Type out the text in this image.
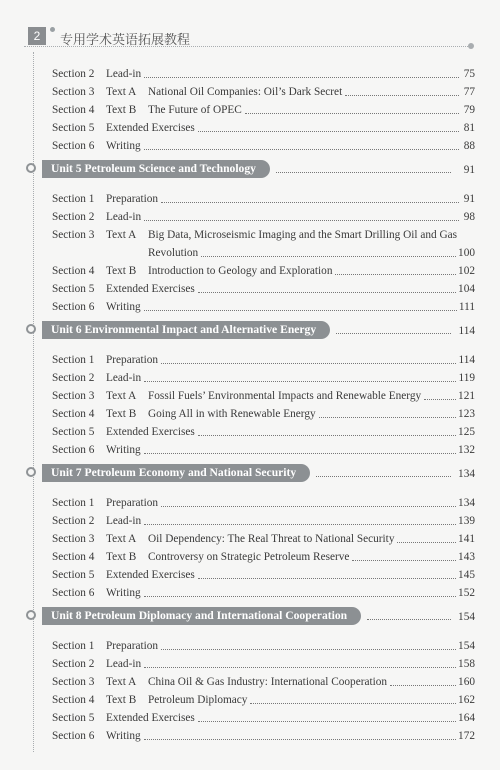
2	专用学术英语拓展教程
Section 2	Lead-in	75
Section 3	Text A	National Oil Companies: Oil’s Dark Secret	77
Section 4	Text B	The Future of OPEC	79
Section 5	Extended Exercises	81
Section 6	Writing	88
Unit 5 Petroleum Science and Technology	91
Section 1	Preparation	91
Section 2	Lead-in	98
Section 3	Text A	Big Data, Microseismic Imaging and the Smart Drilling Oil and Gas
Revolution	100
Section 4	Text B	Introduction to Geology and Exploration	102
Section 5	Extended Exercises	104
Section 6	Writing	111
Unit 6 Environmental Impact and Alternative Energy	114
Section 1	Preparation	114
Section 2	Lead-in	119
Section 3	Text A	Fossil Fuels’ Environmental Impacts and Renewable Energy	121
Section 4	Text B	Going All in with Renewable Energy	123
Section 5	Extended Exercises	125
Section 6	Writing	132
Unit 7 Petroleum Economy and National Security	134
Section 1	Preparation	134
Section 2	Lead-in	139
Section 3	Text A	Oil Dependency: The Real Threat to National Security	141
Section 4	Text B	Controversy on Strategic Petroleum Reserve	143
Section 5	Extended Exercises	145
Section 6	Writing	152
Unit 8 Petroleum Diplomacy and International Cooperation	154
Section 1	Preparation	154
Section 2	Lead-in	158
Section 3	Text A	China Oil & Gas Industry: International Cooperation	160
Section 4	Text B	Petroleum Diplomacy	162
Section 5	Extended Exercises	164
Section 6	Writing	172
